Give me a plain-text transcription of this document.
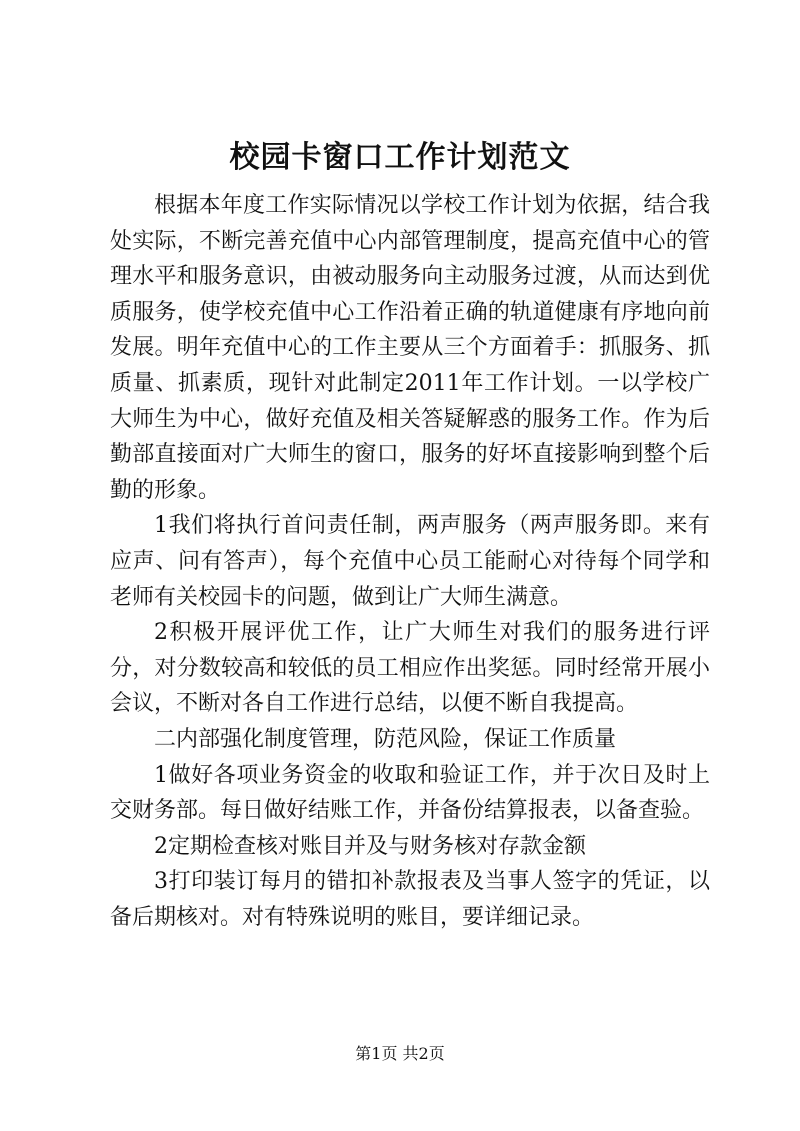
校园卡窗口工作计划范文

根据本年度工作实际情况以学校工作计划为依据，结合我处实际，不断完善充值中心内部管理制度，提高充值中心的管理水平和服务意识，由被动服务向主动服务过渡，从而达到优质服务，使学校充值中心工作沿着正确的轨道健康有序地向前发展。明年充值中心的工作主要从三个方面着手：抓服务、抓质量、抓素质，现针对此制定2011年工作计划。一以学校广大师生为中心，做好充值及相关答疑解惑的服务工作。作为后勤部直接面对广大师生的窗口，服务的好坏直接影响到整个后勤的形象。

1我们将执行首问责任制，两声服务（两声服务即。来有应声、问有答声），每个充值中心员工能耐心对待每个同学和老师有关校园卡的问题，做到让广大师生满意。

2积极开展评优工作，让广大师生对我们的服务进行评分，对分数较高和较低的员工相应作出奖惩。同时经常开展小会议，不断对各自工作进行总结，以便不断自我提高。

二内部强化制度管理，防范风险，保证工作质量

1做好各项业务资金的收取和验证工作，并于次日及时上交财务部。每日做好结账工作，并备份结算报表，以备查验。

2定期检查核对账目并及与财务核对存款金额

3打印装订每月的错扣补款报表及当事人签字的凭证，以备后期核对。对有特殊说明的账目，要详细记录。

第1页 共2页
